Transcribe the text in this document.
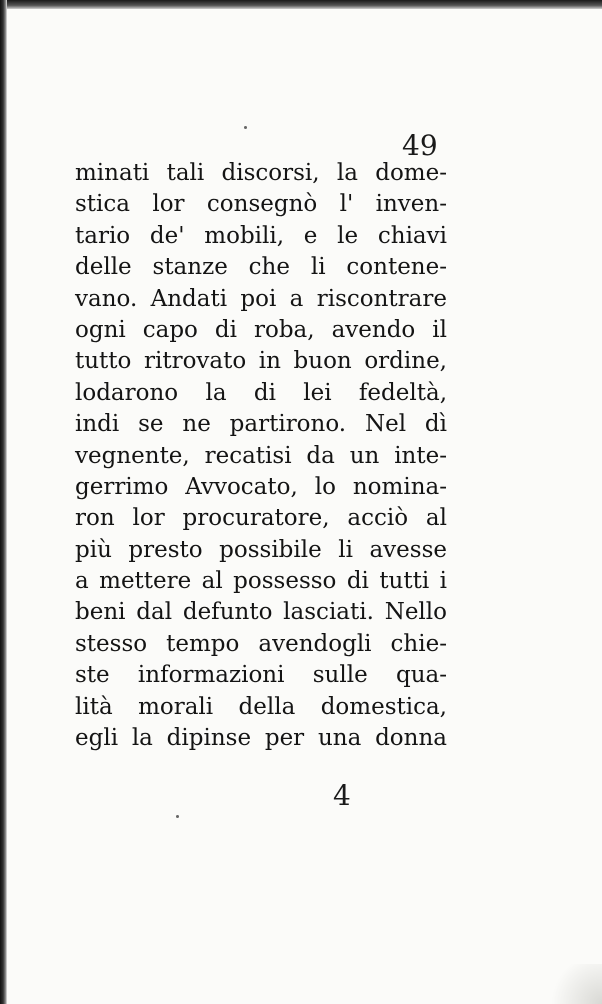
49

minati tali discorsi, la dome-
stica lor consegnò l' inven-
tario de' mobili, e le chiavi
delle stanze che li contene-
vano. Andati poi a riscontrare
ogni capo di roba, avendo il
tutto ritrovato in buon ordine,
lodarono la di lei fedeltà,
indi se ne partirono. Nel dì
vegnente, recatisi da un inte-
gerrimo Avvocato, lo nomina-
ron lor procuratore, acciò al
più presto possibile li avesse
a mettere al possesso di tutti i
beni dal defunto lasciati. Nello
stesso tempo avendogli chie-
ste informazioni sulle qua-
lità morali della domestica,
egli la dipinse per una donna

4
